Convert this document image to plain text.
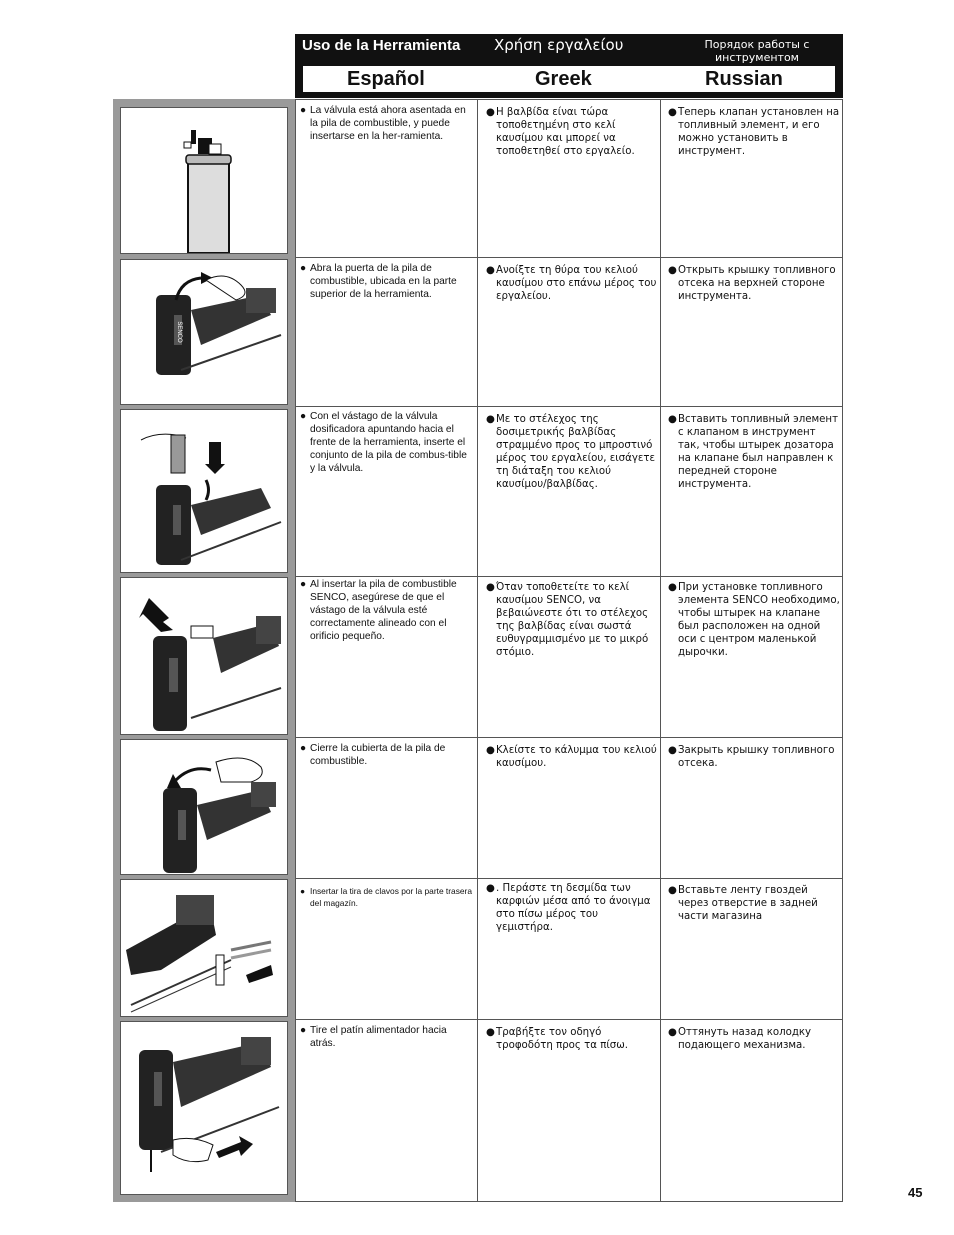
Uso de la Herramienta Χρήση εργαλείου	Порядок работы с инструментом
Español	Greek	Russian
SENCO
● La válvula está ahora asentada en la pila de combustible, y puede insertarse en la her-ramienta.
● Η βαλβίδα είναι τώρα τοποθετημένη στο κελί καυσίμου και μπορεί να τοποθετηθεί στο εργαλείο.
● Теперь клапан установлен на топливный элемент, и его можно установить в инструмент.
● Abra la puerta de la pila de combustible, ubicada en la parte superior de la herramienta.
● Ανοίξτε τη θύρα του κελιού καυσίμου στο επάνω μέρος του εργαλείου.
● Открыть крышку топливного отсека на верхней стороне инструмента.
● Con el vástago de la válvula dosificadora apuntando hacia el frente de la herramienta, inserte el conjunto de la pila de combus-tible y la válvula.
● Με το στέλεχος της δοσιμετρικής βαλβίδας στραμμένο προς το μπροστινό μέρος του εργαλείου, εισάγετε τη διάταξη του κελιού καυσίμου/βαλβίδας.
● Вставить топливный элемент с клапаном в инструмент так, чтобы штырек дозатора на клапане был направлен к передней стороне инструмента.
● Al insertar la pila de combustible SENCO, asegúrese de que el vástago de la válvula esté correctamente alineado con el orificio pequeño.
● Όταν τοποθετείτε το κελί καυσίμου SENCO, να βεβαιώνεστε ότι το στέλεχος της βαλβίδας είναι σωστά ευθυγραμμισμένο με το μικρό στόμιο.
● При установке топливного элемента SENCO необходимо, чтобы штырек на клапане был расположен на одной оси с центром маленькой дырочки.
● Cierre la cubierta de la pila de combustible.
● Κλείστε το κάλυμμα του κελιού καυσίμου.
● Закрыть крышку топливного отсека.
● Insertar la tira de clavos por la parte trasera del magazín.
● . Περάστε τη δεσμίδα των καρφιών μέσα από το άνοιγμα στο πίσω μέρος του γεμιστήρα.
● Вставьте ленту гвоздей через отверстие в задней части магазина
● Tire el patín alimentador hacia atrás.
● Τραβήξτε τον οδηγό τροφοδότη προς τα πίσω.
● Оттянуть назад колодку подающего механизма.
45
